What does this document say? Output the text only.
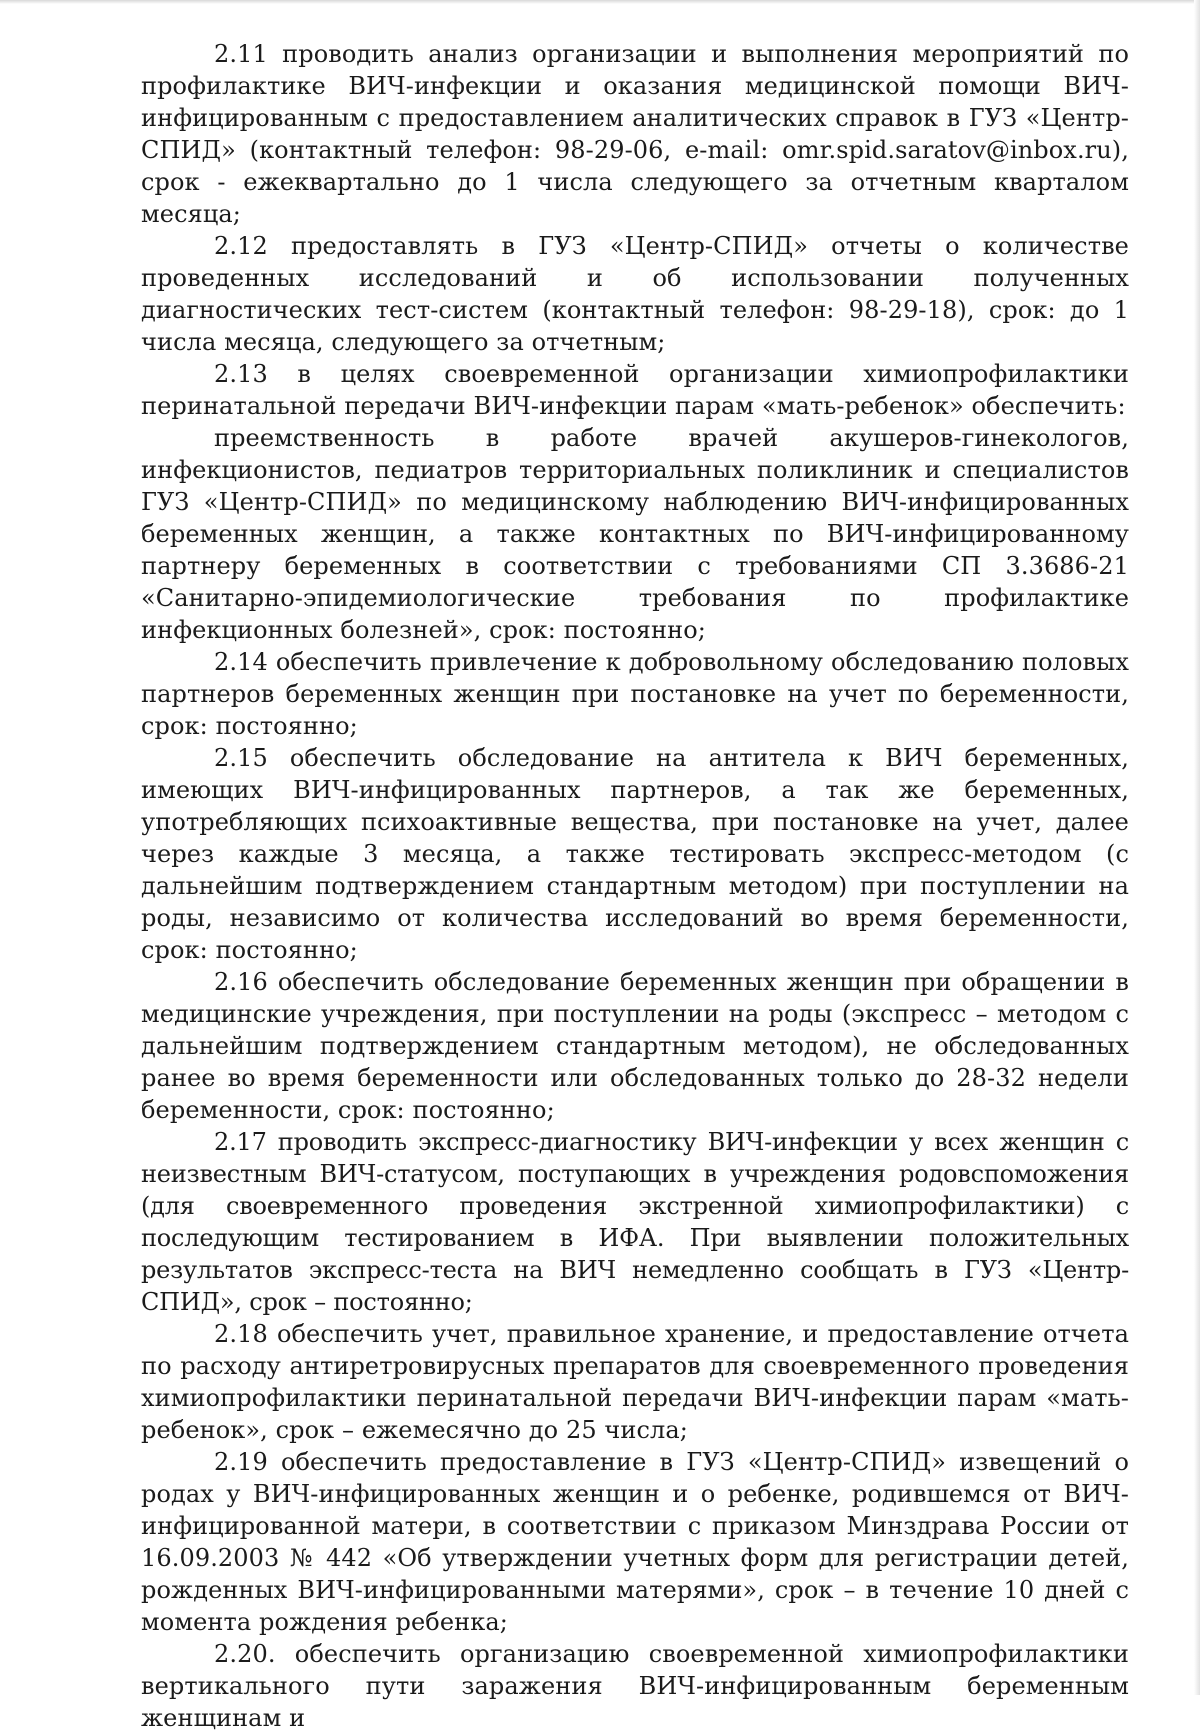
2.11 проводить анализ организации и выполнения мероприятий по профилактике ВИЧ-инфекции и оказания медицинской помощи ВИЧ-инфицированным с предоставлением аналитических справок в ГУЗ «Центр-СПИД» (контактный телефон: 98-29-06, e-mail: omr.spid.saratov@inbox.ru), срок - ежеквартально до 1 числа следующего за отчетным кварталом месяца;

2.12 предоставлять в ГУЗ «Центр-СПИД» отчеты о количестве проведенных исследований и об использовании полученных диагностических тест-систем (контактный телефон: 98-29-18), срок: до 1 числа месяца, следующего за отчетным;

2.13 в целях своевременной организации химиопрофилактики перинатальной передачи ВИЧ-инфекции парам «мать-ребенок» обеспечить:

преемственность в работе врачей акушеров-гинекологов, инфекционистов, педиатров территориальных поликлиник и специалистов ГУЗ «Центр-СПИД» по медицинскому наблюдению ВИЧ-инфицированных беременных женщин, а также контактных по ВИЧ-инфицированному партнеру беременных в соответствии с требованиями СП 3.3686-21 «Санитарно-эпидемиологические требования по профилактике инфекционных болезней», срок: постоянно;

2.14 обеспечить привлечение к добровольному обследованию половых партнеров беременных женщин при постановке на учет по беременности, срок: постоянно;

2.15 обеспечить обследование на антитела к ВИЧ беременных, имеющих ВИЧ-инфицированных партнеров, а так же беременных, употребляющих психоактивные вещества, при постановке на учет, далее через каждые 3 месяца, а также тестировать экспресс-методом (с дальнейшим подтверждением стандартным методом) при поступлении на роды, независимо от количества исследований во время беременности, срок: постоянно;

2.16 обеспечить обследование беременных женщин при обращении в медицинские учреждения, при поступлении на роды (экспресс – методом с дальнейшим подтверждением стандартным методом), не обследованных ранее во время беременности или обследованных только до 28-32 недели беременности, срок: постоянно;

2.17 проводить экспресс-диагностику ВИЧ-инфекции у всех женщин с неизвестным ВИЧ-статусом, поступающих в учреждения родовспоможения (для своевременного проведения экстренной химиопрофилактики) с последующим тестированием в ИФА. При выявлении положительных результатов экспресс-теста на ВИЧ немедленно сообщать в ГУЗ «Центр-СПИД», срок – постоянно;

2.18 обеспечить учет, правильное хранение, и предоставление отчета по расходу антиретровирусных препаратов для своевременного проведения химиопрофилактики перинатальной передачи ВИЧ-инфекции парам «мать-ребенок», срок – ежемесячно до 25 числа;

2.19 обеспечить предоставление в ГУЗ «Центр-СПИД» извещений о родах у ВИЧ-инфицированных женщин и о ребенке, родившемся от ВИЧ-инфицированной матери, в соответствии с приказом Минздрава России от 16.09.2003 № 442 «Об утверждении учетных форм для регистрации детей, рожденных ВИЧ-инфицированными матерями», срок – в течение 10 дней с момента рождения ребенка;

2.20. обеспечить организацию своевременной химиопрофилактики вертикального пути заражения ВИЧ-инфицированным беременным женщинам и
